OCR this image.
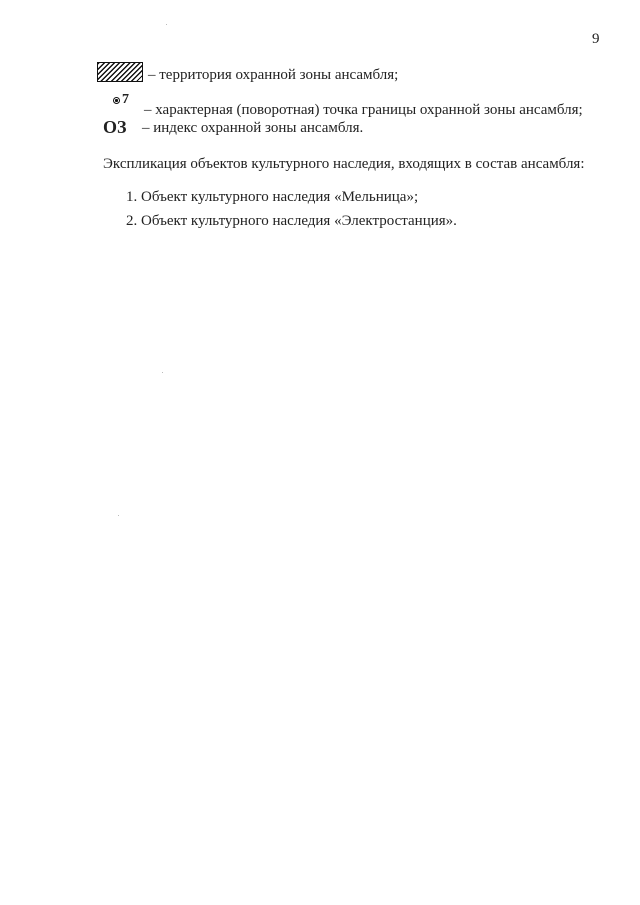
9
– территория охранной зоны ансамбля;
7
– характерная (поворотная) точка границы охранной зоны ансамбля;
ОЗ – индекс охранной зоны ансамбля.
Экспликация объектов культурного наследия, входящих в состав ансамбля:
1. Объект культурного наследия «Мельница»;
2. Объект культурного наследия «Электростанция».
